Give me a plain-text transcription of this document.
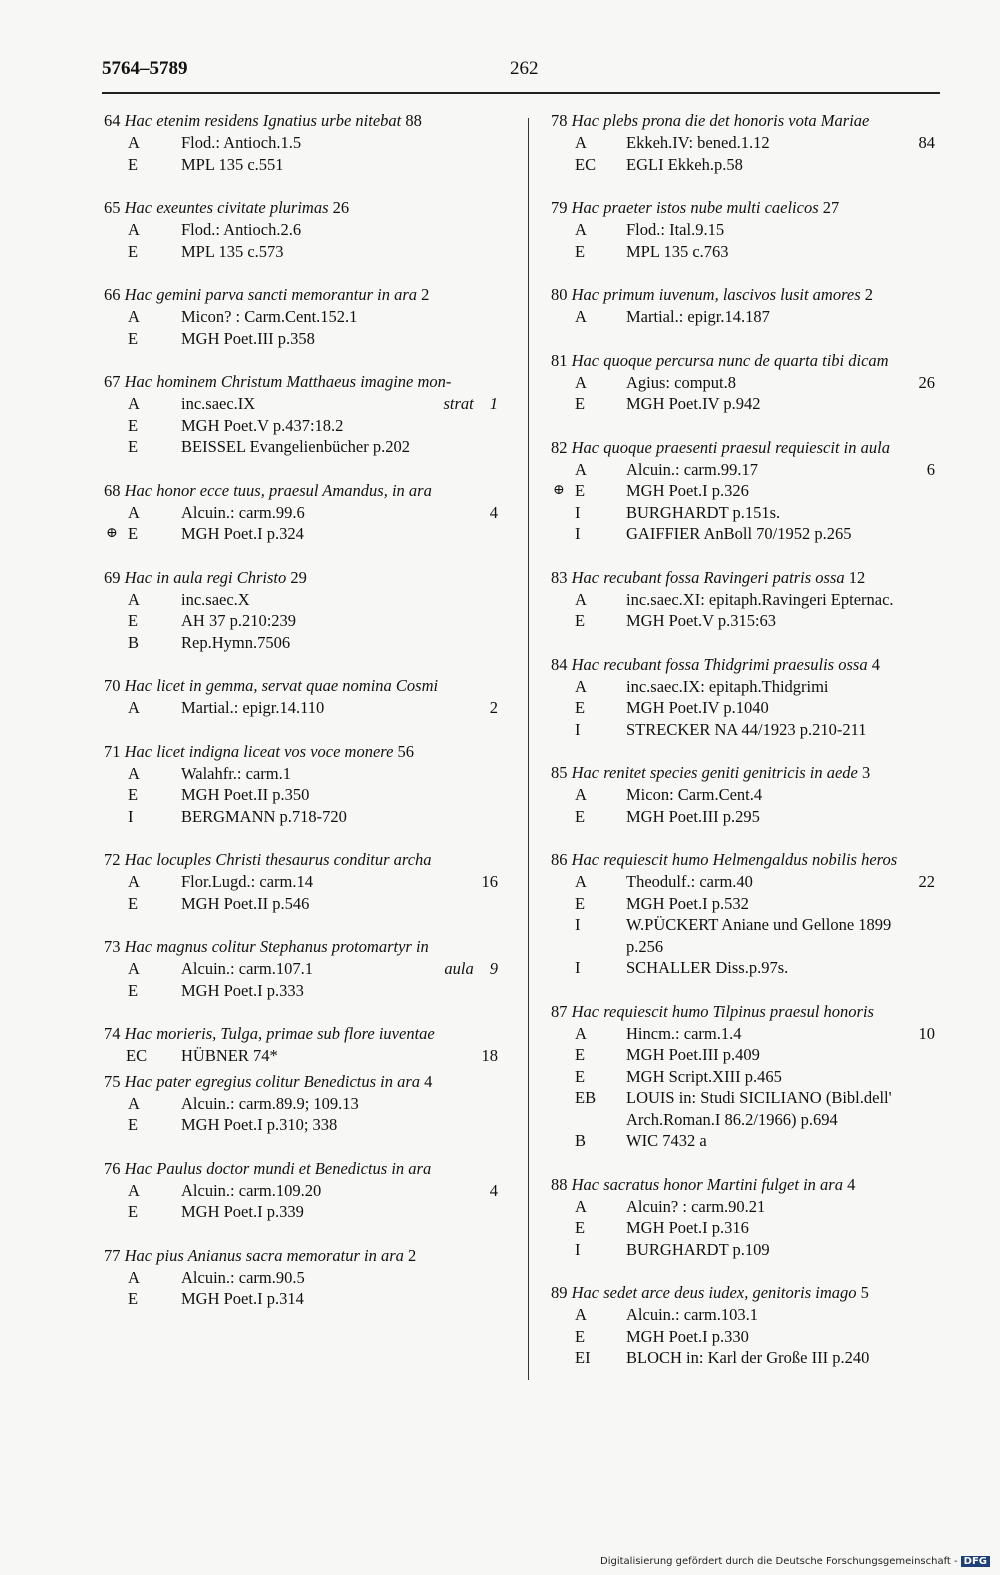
5764–5789	262
64 Hac etenim residens Ignatius urbe nitebat 88
A	Flod.: Antioch.1.5
E	MPL 135 c.551
65 Hac exeuntes civitate plurimas 26
A	Flod.: Antioch.2.6
E	MPL 135 c.573
66 Hac gemini parva sancti memorantur in ara 2
A	Micon? : Carm.Cent.152.1
E	MGH Poet.III p.358
67 Hac hominem Christum Matthaeus imagine mon-
A	inc.saec.IX	strat 1
E	MGH Poet.V p.437:18.2
E	BEISSEL Evangelienbücher p.202
68 Hac honor ecce tuus, praesul Amandus, in ara
A	Alcuin.: carm.99.6	4
⊕ E	MGH Poet.I p.324
69 Hac in aula regi Christo 29
A	inc.saec.X
E	AH 37 p.210:239
B	Rep.Hymn.7506
70 Hac licet in gemma, servat quae nomina Cosmi
A	Martial.: epigr.14.110	2
71 Hac licet indigna liceat vos voce monere 56
A	Walahfr.: carm.1
E	MGH Poet.II p.350
I	BERGMANN p.718-720
72 Hac locuples Christi thesaurus conditur archa
A	Flor.Lugd.: carm.14	16
E	MGH Poet.II p.546
73 Hac magnus colitur Stephanus protomartyr in
A	Alcuin.: carm.107.1	aula 9
E	MGH Poet.I p.333
74 Hac morieris, Tulga, primae sub flore iuventae
EC	HÜBNER 74*	18
75 Hac pater egregius colitur Benedictus in ara 4
A	Alcuin.: carm.89.9; 109.13
E	MGH Poet.I p.310; 338
76 Hac Paulus doctor mundi et Benedictus in ara
A	Alcuin.: carm.109.20	4
E	MGH Poet.I p.339
77 Hac pius Anianus sacra memoratur in ara 2
A	Alcuin.: carm.90.5
E	MGH Poet.I p.314
78 Hac plebs prona die det honoris vota Mariae
A	Ekkeh.IV: bened.1.12	84
EC	EGLI Ekkeh.p.58
79 Hac praeter istos nube multi caelicos 27
A	Flod.: Ital.9.15
E	MPL 135 c.763
80 Hac primum iuvenum, lascivos lusit amores 2
A	Martial.: epigr.14.187
81 Hac quoque percursa nunc de quarta tibi dicam
A	Agius: comput.8	26
E	MGH Poet.IV p.942
82 Hac quoque praesenti praesul requiescit in aula
A	Alcuin.: carm.99.17	6
⊕ E	MGH Poet.I p.326
I	BURGHARDT p.151s.
I	GAIFFIER AnBoll 70/1952 p.265
83 Hac recubant fossa Ravingeri patris ossa 12
A	inc.saec.XI: epitaph.Ravingeri Epternac.
E	MGH Poet.V p.315:63
84 Hac recubant fossa Thidgrimi praesulis ossa 4
A	inc.saec.IX: epitaph.Thidgrimi
E	MGH Poet.IV p.1040
I	STRECKER NA 44/1923 p.210-211
85 Hac renitet species geniti genitricis in aede 3
A	Micon: Carm.Cent.4
E	MGH Poet.III p.295
86 Hac requiescit humo Helmengaldus nobilis heros
A	Theodulf.: carm.40	22
E	MGH Poet.I p.532
I	W.PÜCKERT Aniane und Gellone 1899
p.256
I	SCHALLER Diss.p.97s.
87 Hac requiescit humo Tilpinus praesul honoris
A	Hincm.: carm.1.4	10
E	MGH Poet.III p.409
E	MGH Script.XIII p.465
EB	LOUIS in: Studi SICILIANO (Bibl.dell'
Arch.Roman.I 86.2/1966) p.694
B	WIC 7432 a
88 Hac sacratus honor Martini fulget in ara 4
A	Alcuin? : carm.90.21
E	MGH Poet.I p.316
I	BURGHARDT p.109
89 Hac sedet arce deus iudex, genitoris imago 5
A	Alcuin.: carm.103.1
E	MGH Poet.I p.330
EI	BLOCH in: Karl der Große III p.240
Digitalisierung gefördert durch die Deutsche Forschungsgemeinschaft - DFG
